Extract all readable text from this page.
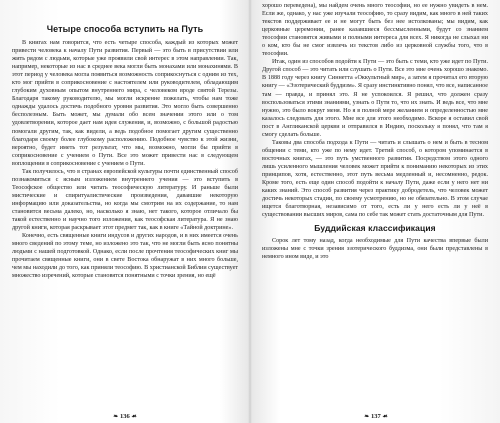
Четыре способа вступить на Путь

В книгах нам говорится, что есть четыре способа, каждый из которых может привести человека к началу Пути развития. Первый — это быть в присутствии или жить рядом с людьми, которые уже проявили свой интерес в этом направлении. Так, например, некоторые из нас в среднее века могли быть монахами или монахинями. В этот период у человека могла появиться возможность соприкоснуться с одним из тех, кто мог прийти в соприкосновение с настоятелем или руководителем, обладающим глубоким духовным опытом внутреннего мира, с человеком вроде святой Терезы. Благодаря такому руководителю, мы могли искренне пожелать, чтобы нам тоже однажды удалось достичь подобного уровня развития. Это могло быть совершенно бесполезным. Быть может, мы думали обо всем значении этого или о том удовлетворении, которое дает нам идея служения, и, возможно, с большой радостью помогали другим, так, как видели, а ведь подобное помогает другим существенно благодаря своему более глубокому расположению. Подобное чувство к этой жизни, вероятно, будет иметь тот результат, что мы, возможно, могли бы прийти в соприкосновение с учением о Пути. Все это может привести нас в следующем воплощении в соприкосновение с учением о Пути.

Так получилось, что в странах европейской культуры почти единственный способ познакомиться с ясным изложением внутреннего учения — это вступить в Теософское общество или читать теософическую литературу. И раньше были мистические и спиритуалистические произведения, дававшие некоторую информацию или доказательства, но когда мы смотрим на их содержание, то нам становится весьма далеко, но, насколько я знаю, нет такого, которое отличало бы такой естественно и научно того изложения, как теософская литература. Я не знаю другой книги, которая раскрывает этот предмет так, как в книге «Тайной доктрине».

Конечно, есть священные книги индусов и других народов, и в них имеется очень много сведений по этому теме, но изложено это так, что не могли быть ясно понятны людьми с нашей подготовкой. Однако, если после прочтения теософических книг мы прочитаем священные книги, они в свете Востока обнаружат в них много больше, чем мы находили до того, как приняли теософию. В христианской Библии существует множество изречений, которые становятся понятными с точки зрения, но ещё

хорошо переведена), мы найдем очень много теософии, но ее нужно увидеть в нем. Если же, однако, у нас уже изучали теософию, то сразу видим, как много в ней таких текстов поддерживает ее и не могут быть без нее истолкованы; мы видим, как церковные церемонии, ранее казавшиеся бессмысленными, будут со знанием теософии становятся живыми и полными интереса для всех. Я никогда не слыхал ни о ком, кто бы не смог извлечь из текстов либо из церковной службы того, что в теософии.

Итак, один из способов подойти к Пути — это быть с теми, кто уже идет по Пути. Другой способ — это читать или слушать о Пути. Все это мне очень хорошо знакомо. В 1888 году через книгу Синнетта «Оккультный мир», а затем я прочитал его вторую книгу — «Эзотерический буддизм». Я сразу инстинктивно понял, что все, написанное там — правда, и принял это. Я не успокоился. Я решил, что должен сразу воспользоваться этими знаниями, узнать о Пути то, что их знать. И ведь все, что мне нужно, это было вокруг меня. Но я в полной мере желанием и определенностью мне казалось следовать для этого. Мне все для этого необходимо. Вскоре я оставил свой пост в Англиканской церкви и отправился в Индию, поскольку я понял, что там я смогу сделать больше.

Таковы два способа подхода к Пути — читать и слышать о нем и быть в тесном общении с теми, кто уже по нему идет. Третий способ, о котором упоминается в восточных книгах, — это путь умственного развития. Посредством этого одного лишь усиленного мышления человек может прийти к пониманию некоторых из этих принципов, хотя, естественно, этот путь весьма медленный и, несомненно, редок. Кроме того, есть еще один способ подойти к началу Пути, даже если у него нет ни каких знаний. Это способ развития через практику добродетель, что человек может достичь некоторых стадии, по своему усмотрению, но не обязательно. В этом случае ищется благотворная, независимо от того, есть ли у него есть ли у неё в существовании высших миров, сама по себе так может стать достаточным для Пути.

Буддийская классификация

Сорок лет тому назад, когда необходимые для Пути качества впервые были изложены мне с точки зрения эзотерического буддизма, они были представлены в немного ином виде, и это

❧ 136 ☙	❧ 137 ☙
